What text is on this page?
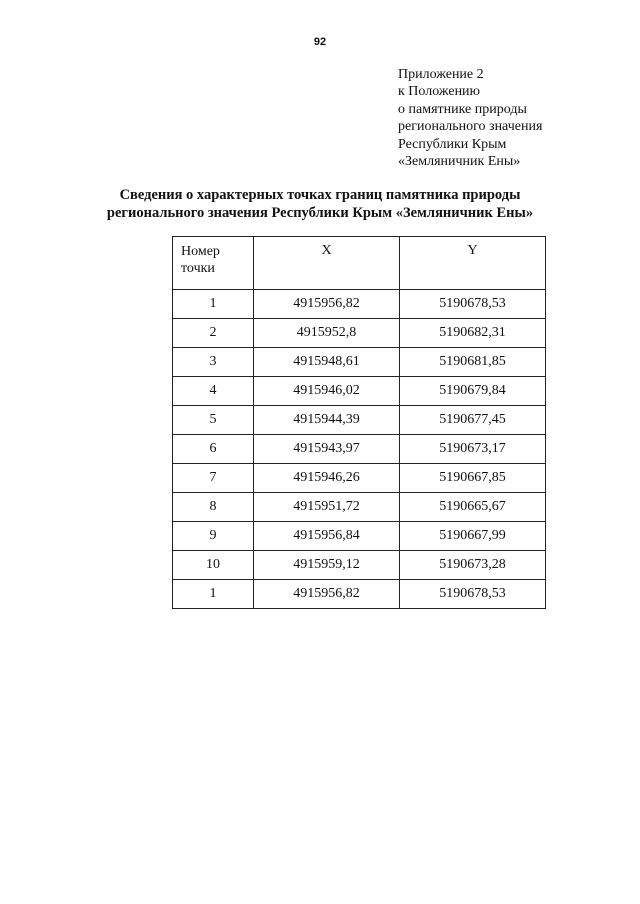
92
Приложение 2
к Положению
о памятнике природы
регионального значения
Республики Крым
«Земляничник Ены»
Сведения о характерных точках границ памятника природы
регионального значения Республики Крым «Земляничник Ены»
Номер
точки	X	Y
1	4915956,82	5190678,53
2	4915952,8	5190682,31
3	4915948,61	5190681,85
4	4915946,02	5190679,84
5	4915944,39	5190677,45
6	4915943,97	5190673,17
7	4915946,26	5190667,85
8	4915951,72	5190665,67
9	4915956,84	5190667,99
10	4915959,12	5190673,28
1	4915956,82	5190678,53
